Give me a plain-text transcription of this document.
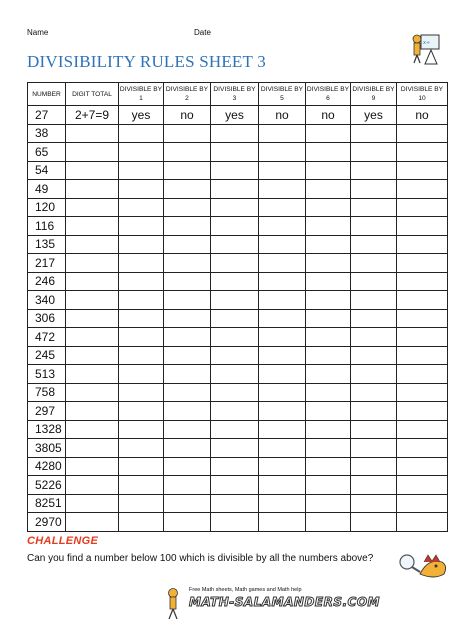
Name	Date
DIVISIBILITY RULES SHEET 3
x÷
NUMBER	DIGIT TOTAL	DIVISIBLE BY 1	DIVISIBLE BY 2	DIVISIBLE BY 3	DIVISIBLE BY 5	DIVISIBLE BY 6	DIVISIBLE BY 9	DIVISIBLE BY 10
27	2+7=9	yes	no	yes	no	no	yes	no
38								
65								
54								
49								
120								
116								
135								
217								
246								
340								
306								
472								
245								
513								
758								
297								
1328								
3805								
4280								
5226								
8251								
2970								
CHALLENGE
Can you find a number below 100 which is divisible by all the numbers above?
Free Math sheets, Math games and Math help
MATH-SALAMANDERS.COM
